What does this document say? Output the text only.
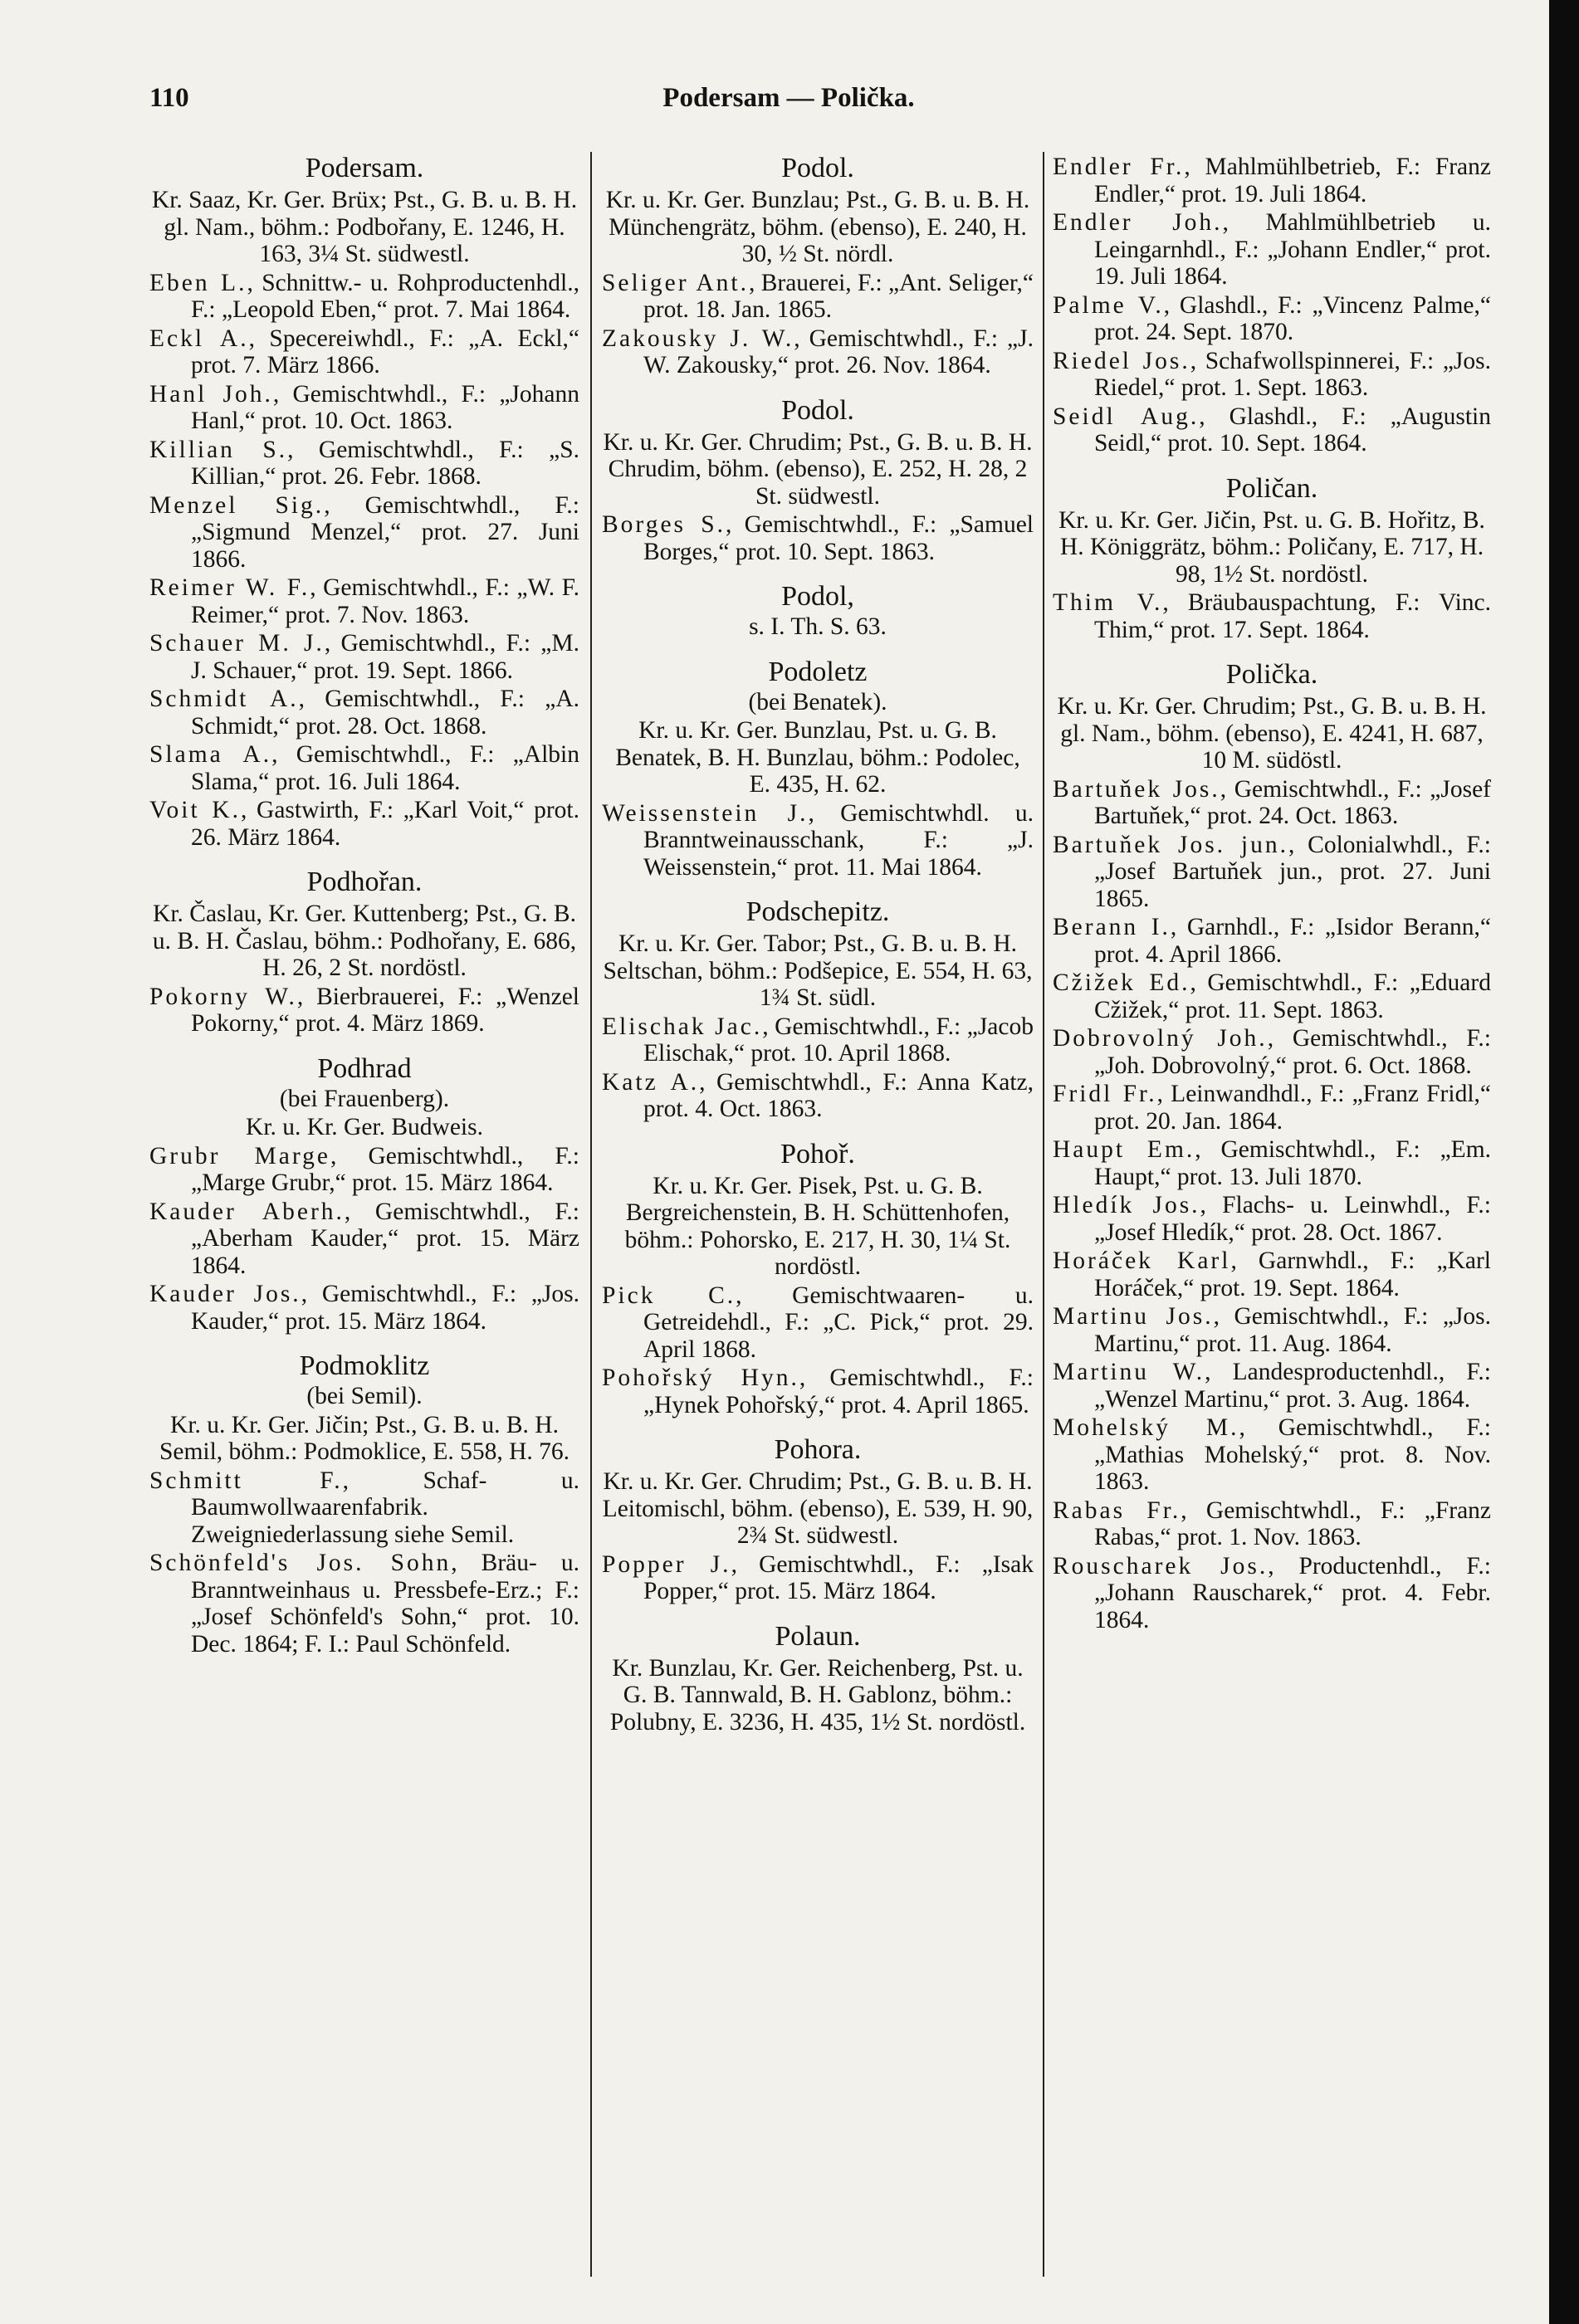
110	Podersam — Polička.
Podersam.
Kr. Saaz, Kr. Ger. Brüx; Pst., G. B. u. B. H. gl. Nam., böhm.: Podbořany, E. 1246, H. 163, 3¼ St. südwestl.
Eben L., Schnittw.- u. Rohproductenhdl., F.: „Leopold Eben,“ prot. 7. Mai 1864.
Eckl A., Specereiwhdl., F.: „A. Eckl,“ prot. 7. März 1866.
Hanl Joh., Gemischtwhdl., F.: „Johann Hanl,“ prot. 10. Oct. 1863.
Killian S., Gemischtwhdl., F.: „S. Killian,“ prot. 26. Febr. 1868.
Menzel Sig., Gemischtwhdl., F.: „Sigmund Menzel,“ prot. 27. Juni 1866.
Reimer W. F., Gemischtwhdl., F.: „W. F. Reimer,“ prot. 7. Nov. 1863.
Schauer M. J., Gemischtwhdl., F.: „M. J. Schauer,“ prot. 19. Sept. 1866.
Schmidt A., Gemischtwhdl., F.: „A. Schmidt,“ prot. 28. Oct. 1868.
Slama A., Gemischtwhdl., F.: „Albin Slama,“ prot. 16. Juli 1864.
Voit K., Gastwirth, F.: „Karl Voit,“ prot. 26. März 1864.
Podhořan.
Kr. Časlau, Kr. Ger. Kuttenberg; Pst., G. B. u. B. H. Časlau, böhm.: Podhořany, E. 686, H. 26, 2 St. nordöstl.
Pokorny W., Bierbrauerei, F.: „Wenzel Pokorny,“ prot. 4. März 1869.
Podhrad
(bei Frauenberg).
Kr. u. Kr. Ger. Budweis.
Grubr Marge, Gemischtwhdl., F.: „Marge Grubr,“ prot. 15. März 1864.
Kauder Aberh., Gemischtwhdl., F.: „Aberham Kauder,“ prot. 15. März 1864.
Kauder Jos., Gemischtwhdl., F.: „Jos. Kauder,“ prot. 15. März 1864.
Podmoklitz
(bei Semil).
Kr. u. Kr. Ger. Jičin; Pst., G. B. u. B. H. Semil, böhm.: Podmoklice, E. 558, H. 76.
Schmitt F., Schaf- u. Baumwollwaarenfabrik. Zweigniederlassung siehe Semil.
Schönfeld's Jos. Sohn, Bräu- u. Branntweinhaus u. Pressbefe-Erz.; F.: „Josef Schönfeld's Sohn,“ prot. 10. Dec. 1864; F. I.: Paul Schönfeld.
Podol.
Kr. u. Kr. Ger. Bunzlau; Pst., G. B. u. B. H. Münchengrätz, böhm. (ebenso), E. 240, H. 30, ½ St. nördl.
Seliger Ant., Brauerei, F.: „Ant. Seliger,“ prot. 18. Jan. 1865.
Zakousky J. W., Gemischtwhdl., F.: „J. W. Zakousky,“ prot. 26. Nov. 1864.
Podol.
Kr. u. Kr. Ger. Chrudim; Pst., G. B. u. B. H. Chrudim, böhm. (ebenso), E. 252, H. 28, 2 St. südwestl.
Borges S., Gemischtwhdl., F.: „Samuel Borges,“ prot. 10. Sept. 1863.
Podol,
s. I. Th. S. 63.
Podoletz
(bei Benatek).
Kr. u. Kr. Ger. Bunzlau, Pst. u. G. B. Benatek, B. H. Bunzlau, böhm.: Podolec, E. 435, H. 62.
Weissenstein J., Gemischtwhdl. u. Branntweinausschank, F.: „J. Weissenstein,“ prot. 11. Mai 1864.
Podschepitz.
Kr. u. Kr. Ger. Tabor; Pst., G. B. u. B. H. Seltschan, böhm.: Podšepice, E. 554, H. 63, 1¾ St. südl.
Elischak Jac., Gemischtwhdl., F.: „Jacob Elischak,“ prot. 10. April 1868.
Katz A., Gemischtwhdl., F.: Anna Katz, prot. 4. Oct. 1863.
Pohoř.
Kr. u. Kr. Ger. Pisek, Pst. u. G. B. Bergreichenstein, B. H. Schüttenhofen, böhm.: Pohorsko, E. 217, H. 30, 1¼ St. nordöstl.
Pick C., Gemischtwaaren- u. Getreidehdl., F.: „C. Pick,“ prot. 29. April 1868.
Pohořský Hyn., Gemischtwhdl., F.: „Hynek Pohořský,“ prot. 4. April 1865.
Pohora.
Kr. u. Kr. Ger. Chrudim; Pst., G. B. u. B. H. Leitomischl, böhm. (ebenso), E. 539, H. 90, 2¾ St. südwestl.
Popper J., Gemischtwhdl., F.: „Isak Popper,“ prot. 15. März 1864.
Polaun.
Kr. Bunzlau, Kr. Ger. Reichenberg, Pst. u. G. B. Tannwald, B. H. Gablonz, böhm.: Polubny, E. 3236, H. 435, 1½ St. nordöstl.
Endler Fr., Mahlmühlbetrieb, F.: Franz Endler,“ prot. 19. Juli 1864.
Endler Joh., Mahlmühlbetrieb u. Leingarnhdl., F.: „Johann Endler,“ prot. 19. Juli 1864.
Palme V., Glashdl., F.: „Vincenz Palme,“ prot. 24. Sept. 1870.
Riedel Jos., Schafwollspinnerei, F.: „Jos. Riedel,“ prot. 1. Sept. 1863.
Seidl Aug., Glashdl., F.: „Augustin Seidl,“ prot. 10. Sept. 1864.
Poličan.
Kr. u. Kr. Ger. Jičin, Pst. u. G. B. Hořitz, B. H. Königgrätz, böhm.: Poličany, E. 717, H. 98, 1½ St. nordöstl.
Thim V., Bräubauspachtung, F.: Vinc. Thim,“ prot. 17. Sept. 1864.
Polička.
Kr. u. Kr. Ger. Chrudim; Pst., G. B. u. B. H. gl. Nam., böhm. (ebenso), E. 4241, H. 687, 10 M. südöstl.
Bartuňek Jos., Gemischtwhdl., F.: „Josef Bartuňek,“ prot. 24. Oct. 1863.
Bartuňek Jos. jun., Colonialwhdl., F.: „Josef Bartuňek jun., prot. 27. Juni 1865.
Berann I., Garnhdl., F.: „Isidor Berann,“ prot. 4. April 1866.
Cžižek Ed., Gemischtwhdl., F.: „Eduard Cžižek,“ prot. 11. Sept. 1863.
Dobrovolný Joh., Gemischtwhdl., F.: „Joh. Dobrovolný,“ prot. 6. Oct. 1868.
Fridl Fr., Leinwandhdl., F.: „Franz Fridl,“ prot. 20. Jan. 1864.
Haupt Em., Gemischtwhdl., F.: „Em. Haupt,“ prot. 13. Juli 1870.
Hledík Jos., Flachs- u. Leinwhdl., F.: „Josef Hledík,“ prot. 28. Oct. 1867.
Horáček Karl, Garnwhdl., F.: „Karl Horáček,“ prot. 19. Sept. 1864.
Martinu Jos., Gemischtwhdl., F.: „Jos. Martinu,“ prot. 11. Aug. 1864.
Martinu W., Landesproductenhdl., F.: „Wenzel Martinu,“ prot. 3. Aug. 1864.
Mohelský M., Gemischtwhdl., F.: „Mathias Mohelský,“ prot. 8. Nov. 1863.
Rabas Fr., Gemischtwhdl., F.: „Franz Rabas,“ prot. 1. Nov. 1863.
Rouscharek Jos., Productenhdl., F.: „Johann Rauscharek,“ prot. 4. Febr. 1864.
